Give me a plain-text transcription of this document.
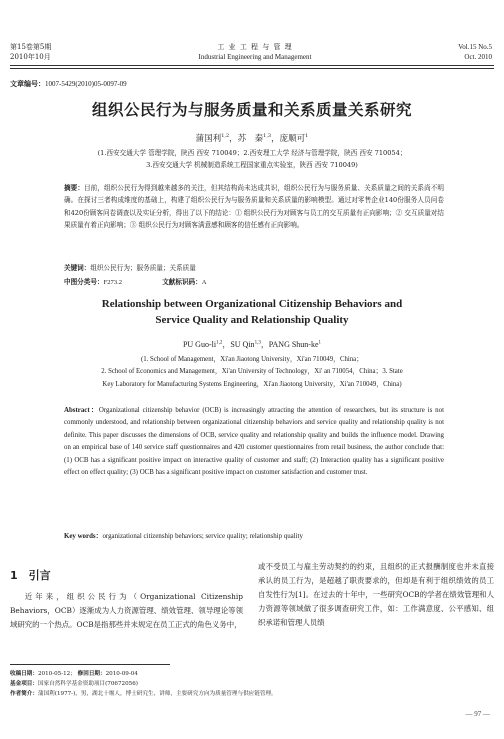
第15卷第5期
2010年10月
工 业 工 程 与 管 理
Industrial Engineering and Management
Vol.15 No.5
Oct. 2010
文章编号：1007-5429(2010)05-0097-09
组织公民行为与服务质量和关系质量关系研究
蒲国利$^{1,2}$，苏　秦$^{1,3}$，庞顺可$^1$
(1.西安交通大学 管理学院，陕西 西安 710049；2.西安理工大学 经济与管理学院，陕西 西安 710054；
3.西安交通大学 机械制造系统工程国家重点实验室，陕西 西安 710049)
摘要：目前，组织公民行为得到越来越多的关注，但其结构尚未达成共识，组织公民行为与服务质量、关系质量之间的关系尚不明确。在探讨三者构成维度的基础上，构建了组织公民行为与服务质量和关系质量的影响模型。通过对零售企业140份服务人员问卷和420份顾客问卷调查以及实证分析，得出了以下的结论：① 组织公民行为对顾客与员工的交互质量有正向影响；② 交互质量对结果质量有着正向影响；③ 组织公民行为对顾客满意感和顾客的信任感有正向影响。
关键词：组织公民行为；服务质量；关系质量
中图分类号：F273.2	文献标识码：A
Relationship between Organizational Citizenship Behaviors and
Service Quality and Relationship Quality
PU Guo-li$^{1,2}$，SU Qin$^{1,3}$，PANG Shun-$ke^1$
(1. School of Management，Xi'an Jiaotong University，Xi'an 710049，China；
2. School of Economics and Management，Xi'an University of Technology，Xi' an 710054，China；3. State
Key Laboratory for Manufacturing Systems Engineering，Xi'an Jiaotong University，Xi'an 710049，China)
Abstract：Organizational citizenship behavior (OCB) is increasingly attracting the attention of researchers, but its structure is not commonly understood, and relationship between organizational citizenship behaviors and service quality and relationship quality is not definite. This paper discusses the dimensions of OCB, service quality and relationship quality and builds the influence model. Drawing on an empirical base of 140 service staff questionnaires and 420 customer questionnaires from retail business, the author conclude that: (1) OCB has a significant positive impact on interactive quality of customer and staff; (2) Interaction quality has a significant positive effect on effect quality; (3) OCB has a significant positive impact on customer satisfaction and customer trust.
Key words：organizational citizenship behaviors; service quality; relationship quality
1　引言
近年来，组织公民行为（Organizational Citizenship Behaviors，OCB）逐渐成为人力资源管理、绩效管理、领导理论等领域研究的一个热点。OCB是指那些并未规定在员工正式的角色义务中，
或不受员工与雇主劳动契约的约束，且组织的正式报酬制度也并未直接承认的员工行为，是超越了职责要求的，但却是有利于组织绩效的员工自发性行为[1]。在过去的十年中，一些研究OCB的学者在绩效管理和人力资源等领域做了很多调查研究工作，如：工作满意度、公平感知、组织承诺和管理人员绩
收稿日期：2010-05-12； 修回日期：2010-09-04
基金项目：国家自然科学基金资助项目(70672056)
作者简介：蒲国利(1977-)，男，湖北十堰人，博士研究生，讲师，主要研究方向为质量管理与供应链管理。
— 97 —
